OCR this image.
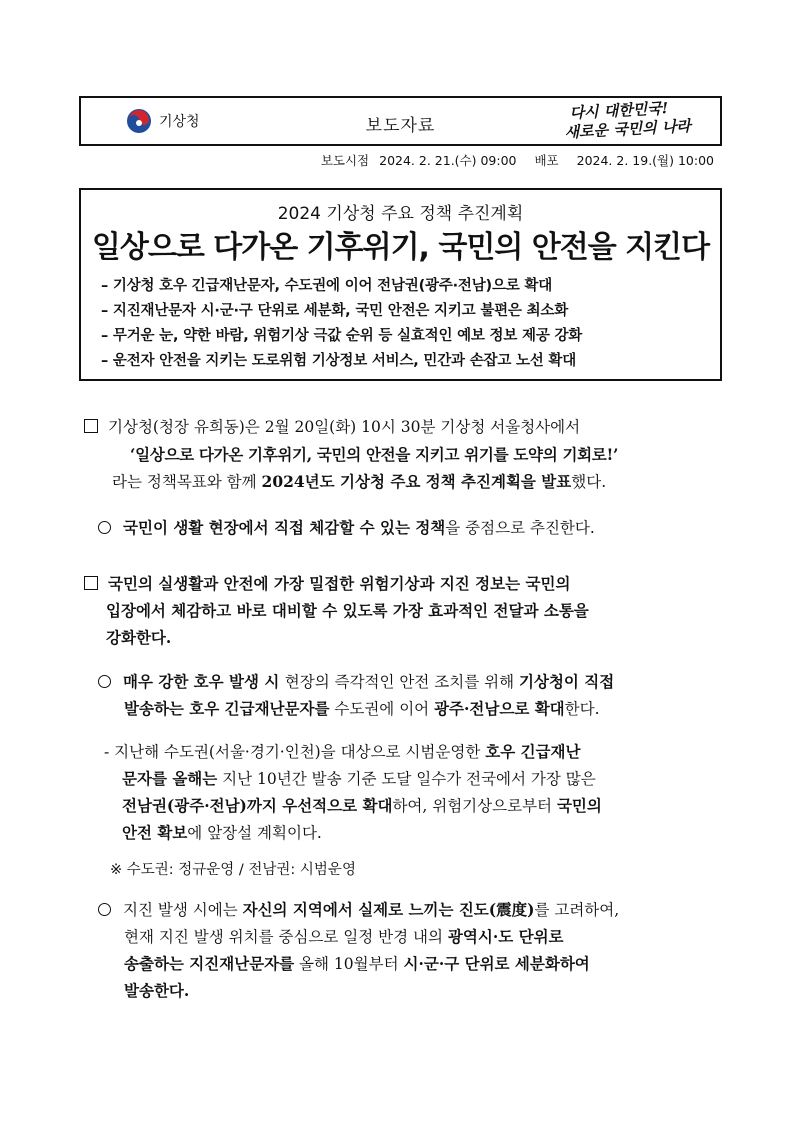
기상청	보도자료
다시 대한민국!
새로운 국민의 나라
보도시점 2024. 2. 21.(수) 09:00 배포 2024. 2. 19.(월) 10:00
2024 기상청 주요 정책 추진계획
일상으로 다가온 기후위기, 국민의 안전을 지킨다
– 기상청 호우 긴급재난문자, 수도권에 이어 전남권(광주·전남)으로 확대
– 지진재난문자 시·군·구 단위로 세분화, 국민 안전은 지키고 불편은 최소화
– 무거운 눈, 약한 바람, 위험기상 극값 순위 등 실효적인 예보 정보 제공 강화
– 운전자 안전을 지키는 도로위험 기상정보 서비스, 민간과 손잡고 노선 확대
기상청(청장 유희동)은 2월 20일(화) 10시 30분 기상청 서울청사에서
‘일상으로 다가온 기후위기, 국민의 안전을 지키고 위기를 도약의 기회로!’
라는 정책목표와 함께 2024년도 기상청 주요 정책 추진계획을 발표했다.
국민이 생활 현장에서 직접 체감할 수 있는 정책을 중점으로 추진한다.
국민의 실생활과 안전에 가장 밀접한 위험기상과 지진 정보는 국민의
입장에서 체감하고 바로 대비할 수 있도록 가장 효과적인 전달과 소통을
강화한다.
매우 강한 호우 발생 시 현장의 즉각적인 안전 조치를 위해 기상청이 직접
발송하는 호우 긴급재난문자를 수도권에 이어 광주·전남으로 확대한다.
- 지난해 수도권(서울·경기·인천)을 대상으로 시범운영한 호우 긴급재난
문자를 올해는 지난 10년간 발송 기준 도달 일수가 전국에서 가장 많은
전남권(광주·전남)까지 우선적으로 확대하여, 위험기상으로부터 국민의
안전 확보에 앞장설 계획이다.
※ 수도권: 정규운영 / 전남권: 시범운영
지진 발생 시에는 자신의 지역에서 실제로 느끼는 진도(震度)를 고려하여,
현재 지진 발생 위치를 중심으로 일정 반경 내의 광역시·도 단위로
송출하는 지진재난문자를 올해 10월부터 시·군·구 단위로 세분화하여
발송한다.
